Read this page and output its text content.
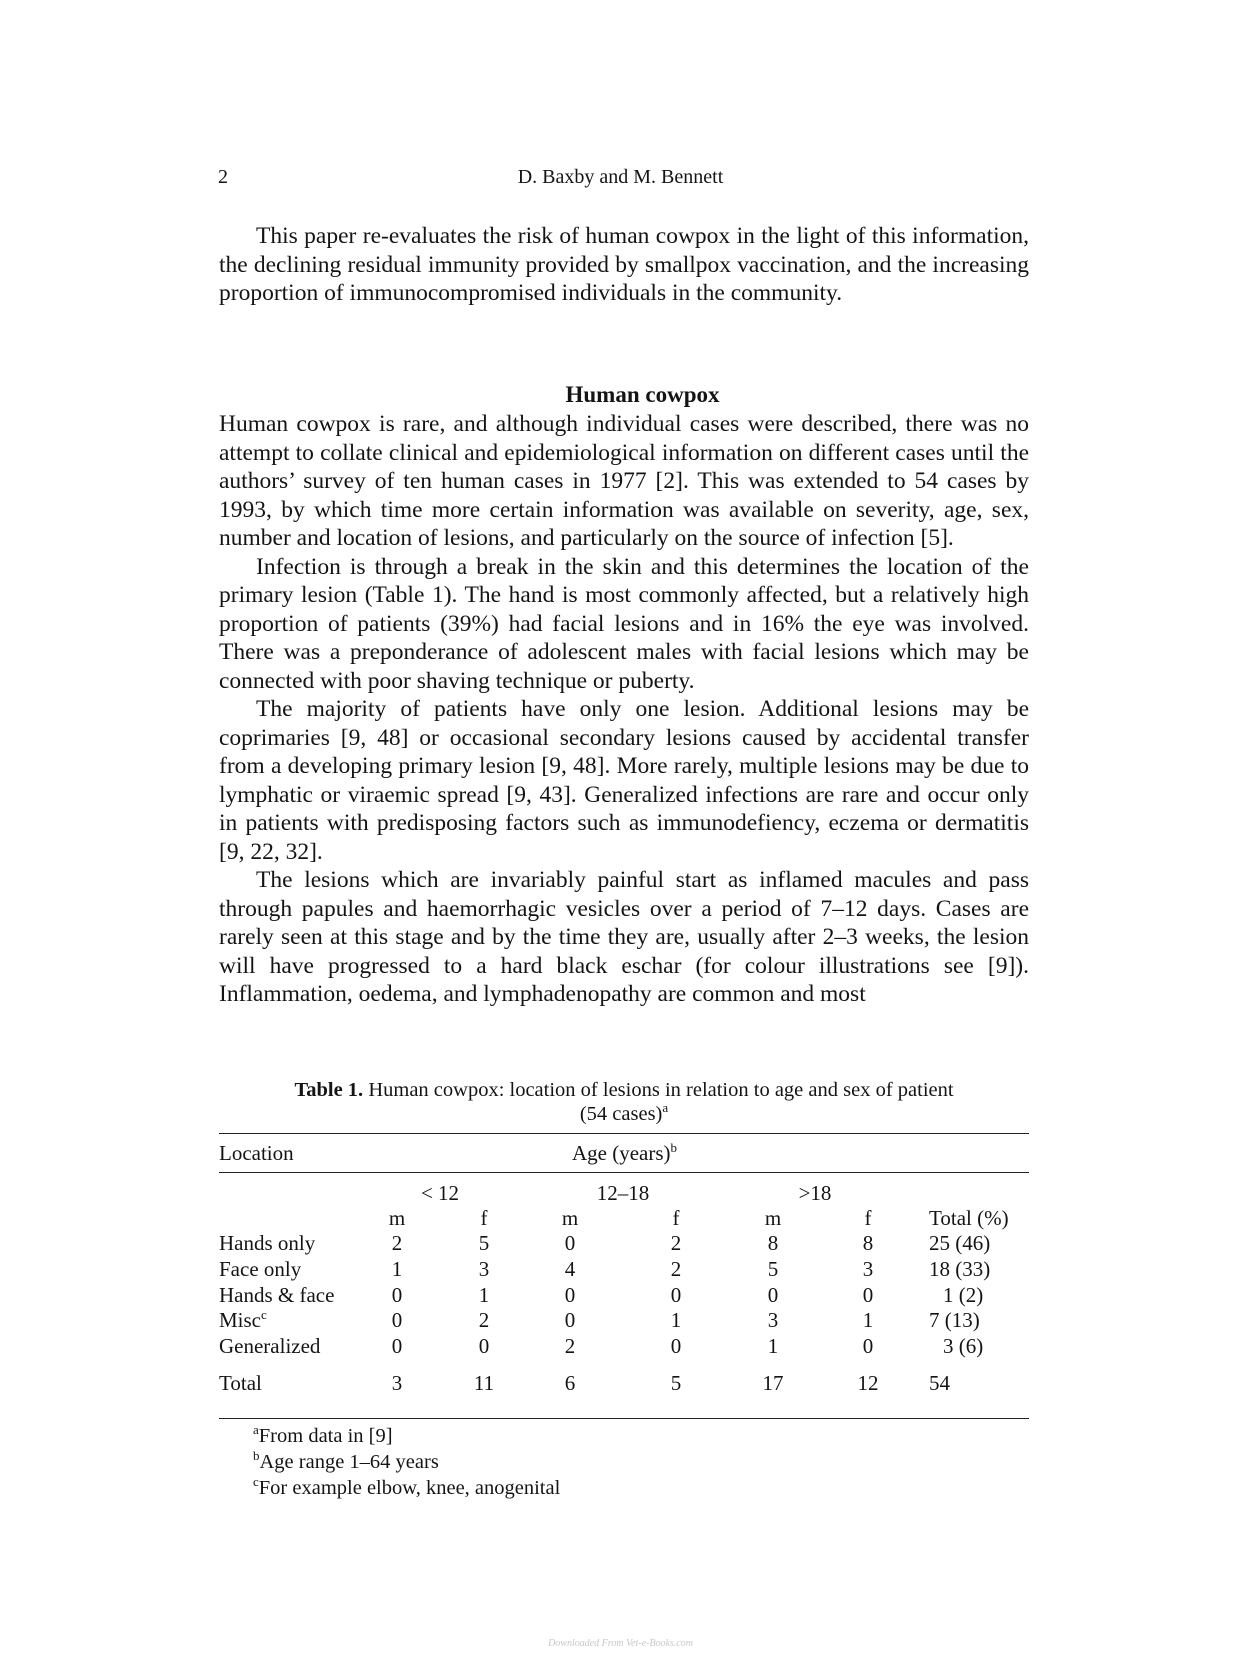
2	D. Baxby and M. Bennett

This paper re-evaluates the risk of human cowpox in the light of this information, the declining residual immunity provided by smallpox vaccination, and the increasing proportion of immunocompromised individuals in the community.

Human cowpox

Human cowpox is rare, and although individual cases were described, there was no attempt to collate clinical and epidemiological information on different cases until the authors’ survey of ten human cases in 1977 [2]. This was extended to 54 cases by 1993, by which time more certain information was available on severity, age, sex, number and location of lesions, and particularly on the source of infection [5].

Infection is through a break in the skin and this determines the location of the primary lesion (Table 1). The hand is most commonly affected, but a relatively high proportion of patients (39%) had facial lesions and in 16% the eye was involved. There was a preponderance of adolescent males with facial lesions which may be connected with poor shaving technique or puberty.

The majority of patients have only one lesion. Additional lesions may be coprimaries [9, 48] or occasional secondary lesions caused by accidental transfer from a developing primary lesion [9, 48]. More rarely, multiple lesions may be due to lymphatic or viraemic spread [9, 43]. Generalized infections are rare and occur only in patients with predisposing factors such as immunodefiency, eczema or dermatitis [9, 22, 32].

The lesions which are invariably painful start as inflamed macules and pass through papules and haemorrhagic vesicles over a period of 7–12 days. Cases are rarely seen at this stage and by the time they are, usually after 2–3 weeks, the lesion will have progressed to a hard black eschar (for colour illustrations see [9]). Inflammation, oedema, and lymphadenopathy are common and most

Table 1. Human cowpox: location of lesions in relation to age and sex of patient
(54 cases)$^a$
Location	Age (years)$^b$
< 12	12–18	>18
m	f	m	f	m	f	Total (%)
Hands only	2	5	0	2	8	8	25 (46)
Face only	1	3	4	2	5	3	18 (33)
Hands & face	0	1	0	0	0	0	1 (2)
Misc$^c$	0	2	0	1	3	1	7 (13)
Generalized	0	0	2	0	1	0	3 (6)
Total	3	11	6	5	17	12	54
$^a$From data in [9]
$^b$Age range 1–64 years
$^c$For example elbow, knee, anogenital
Downloaded From Vet-e-Books.com
